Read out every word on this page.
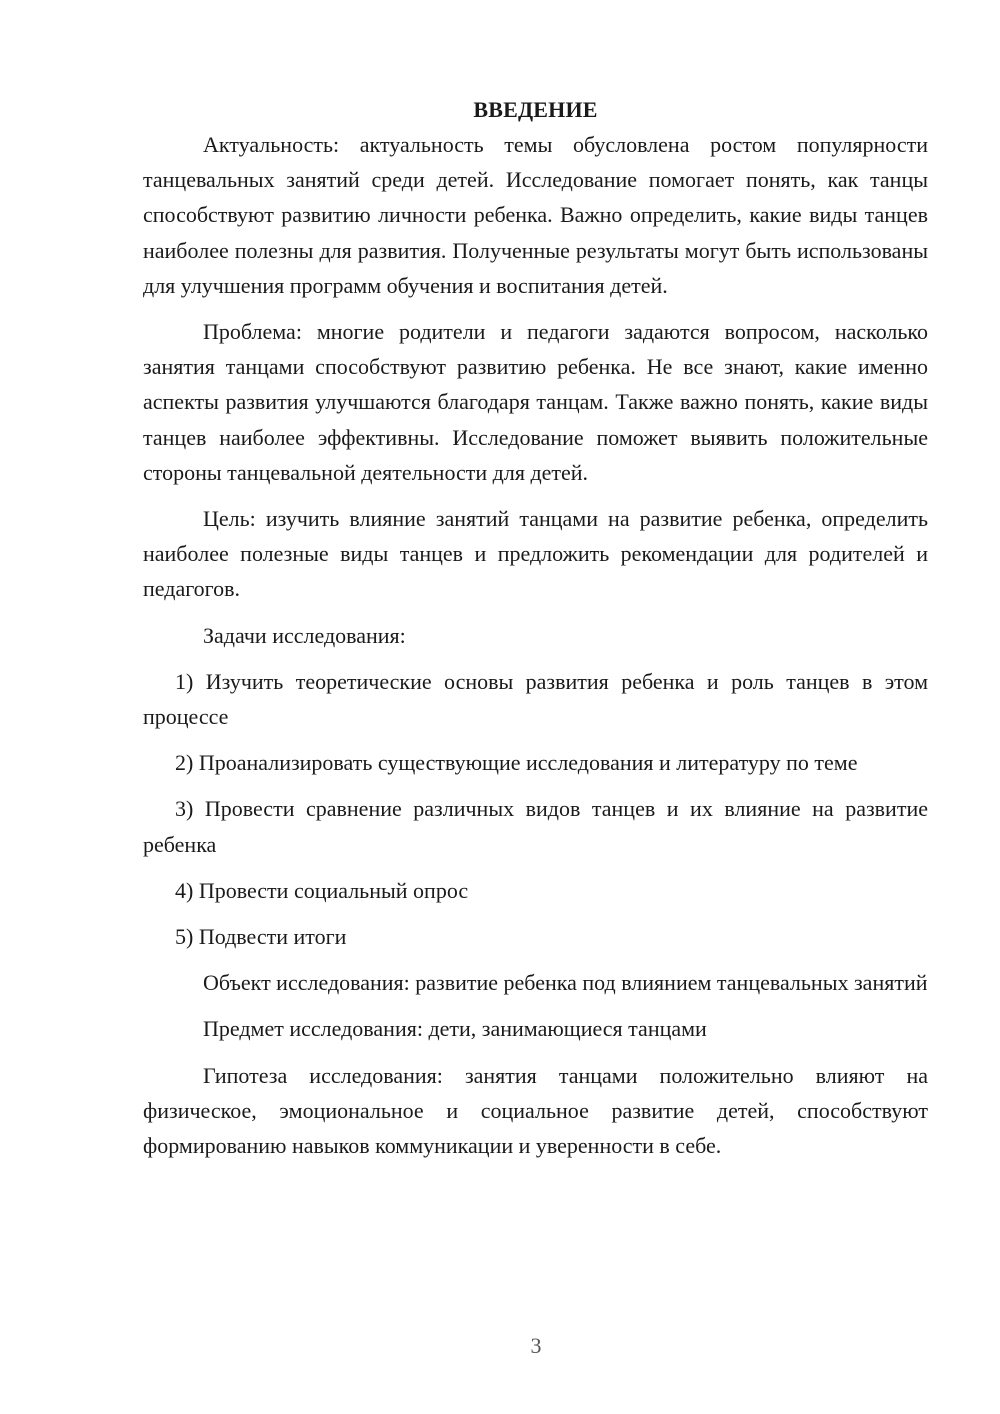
ВВЕДЕНИЕ

Актуальность: актуальность темы обусловлена ростом популярности танцевальных занятий среди детей. Исследование помогает понять, как танцы способствуют развитию личности ребенка. Важно определить, какие виды танцев наиболее полезны для развития. Полученные результаты могут быть использованы для улучшения программ обучения и воспитания детей.

Проблема: многие родители и педагоги задаются вопросом, насколько занятия танцами способствуют развитию ребенка. Не все знают, какие именно аспекты развития улучшаются благодаря танцам. Также важно понять, какие виды танцев наиболее эффективны. Исследование поможет выявить положительные стороны танцевальной деятельности для детей.

Цель: изучить влияние занятий танцами на развитие ребенка, определить наиболее полезные виды танцев и предложить рекомендации для родителей и педагогов.

Задачи исследования:

1) Изучить теоретические основы развития ребенка и роль танцев в этом процессе

2) Проанализировать существующие исследования и литературу по теме

3) Провести сравнение различных видов танцев и их влияние на развитие ребенка

4) Провести социальный опрос

5) Подвести итоги

Объект исследования: развитие ребенка под влиянием танцевальных занятий

Предмет исследования: дети, занимающиеся танцами

Гипотеза исследования: занятия танцами положительно влияют на физическое, эмоциональное и социальное развитие детей, способствуют формированию навыков коммуникации и уверенности в себе.

3
